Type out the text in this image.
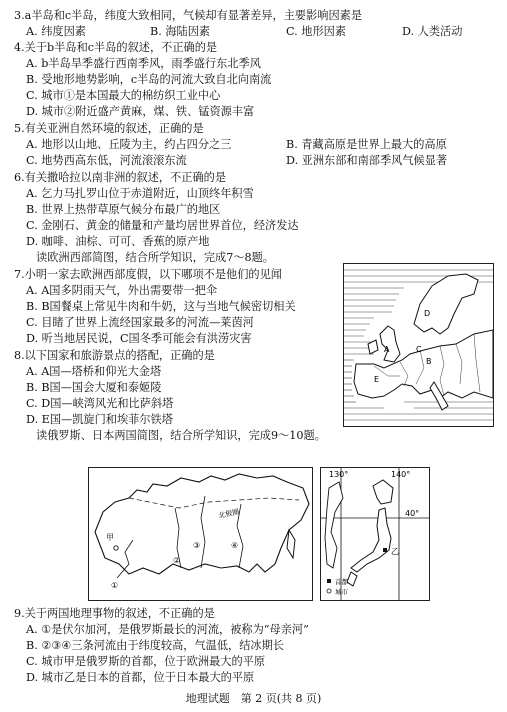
3.a半岛和c半岛，纬度大致相同，气候却有显著差异，主要影响因素是
A. 纬度因素	B. 海陆因素	C. 地形因素	D. 人类活动
4.关于b半岛和c半岛的叙述，不正确的是
A. b半岛旱季盛行西南季风，雨季盛行东北季风
B. 受地形地势影响，c半岛的河流大致自北向南流
C. 城市①是本国最大的棉纺织工业中心
D. 城市②附近盛产黄麻，煤、铁、锰资源丰富
5.有关亚洲自然环境的叙述，正确的是
A. 地形以山地、丘陵为主，约占四分之三	B. 青藏高原是世界上最大的高原
C. 地势西高东低，河流滚滚东流	D. 亚洲东部和南部季风气候显著
6.有关撒哈拉以南非洲的叙述，不正确的是
A. 乞力马扎罗山位于赤道附近，山顶终年积雪
B. 世界上热带草原气候分布最广的地区
C. 金刚石、黄金的储量和产量均居世界首位，经济发达
D. 咖啡、油棕、可可、香蕉的原产地
读欧洲西部简图，结合所学知识，完成7～8题。
7.小明一家去欧洲西部度假，以下哪项不是他们的见闻
A. A国多阴雨天气，外出需要带一把伞
B. B国餐桌上常见牛肉和牛奶，这与当地气候密切相关
C. 目睹了世界上流经国家最多的河流—莱茵河
D. 听当地居民说，C国冬季可能会有洪涝灾害
8.以下国家和旅游景点的搭配，正确的是
A. A国—塔桥和仰光大金塔
B. B国—国会大厦和泰姬陵
C. D国—峡湾风光和比萨斜塔
D. E国—凯旋门和埃菲尔铁塔
读俄罗斯、日本两国简图，结合所学知识，完成9～10题。
D
A
B
C
E
北极圈
甲
①
②
③	④
130°	140°
40°
乙
首都
城市
9.关于两国地理事物的叙述，不正确的是
A. ①是伏尔加河，是俄罗斯最长的河流，被称为“母亲河”
B. ②③④三条河流由于纬度较高，气温低，结冰期长
C. 城市甲是俄罗斯的首都，位于欧洲最大的平原
D. 城市乙是日本的首都，位于日本最大的平原
地理试题　第 2 页(共 8 页)
